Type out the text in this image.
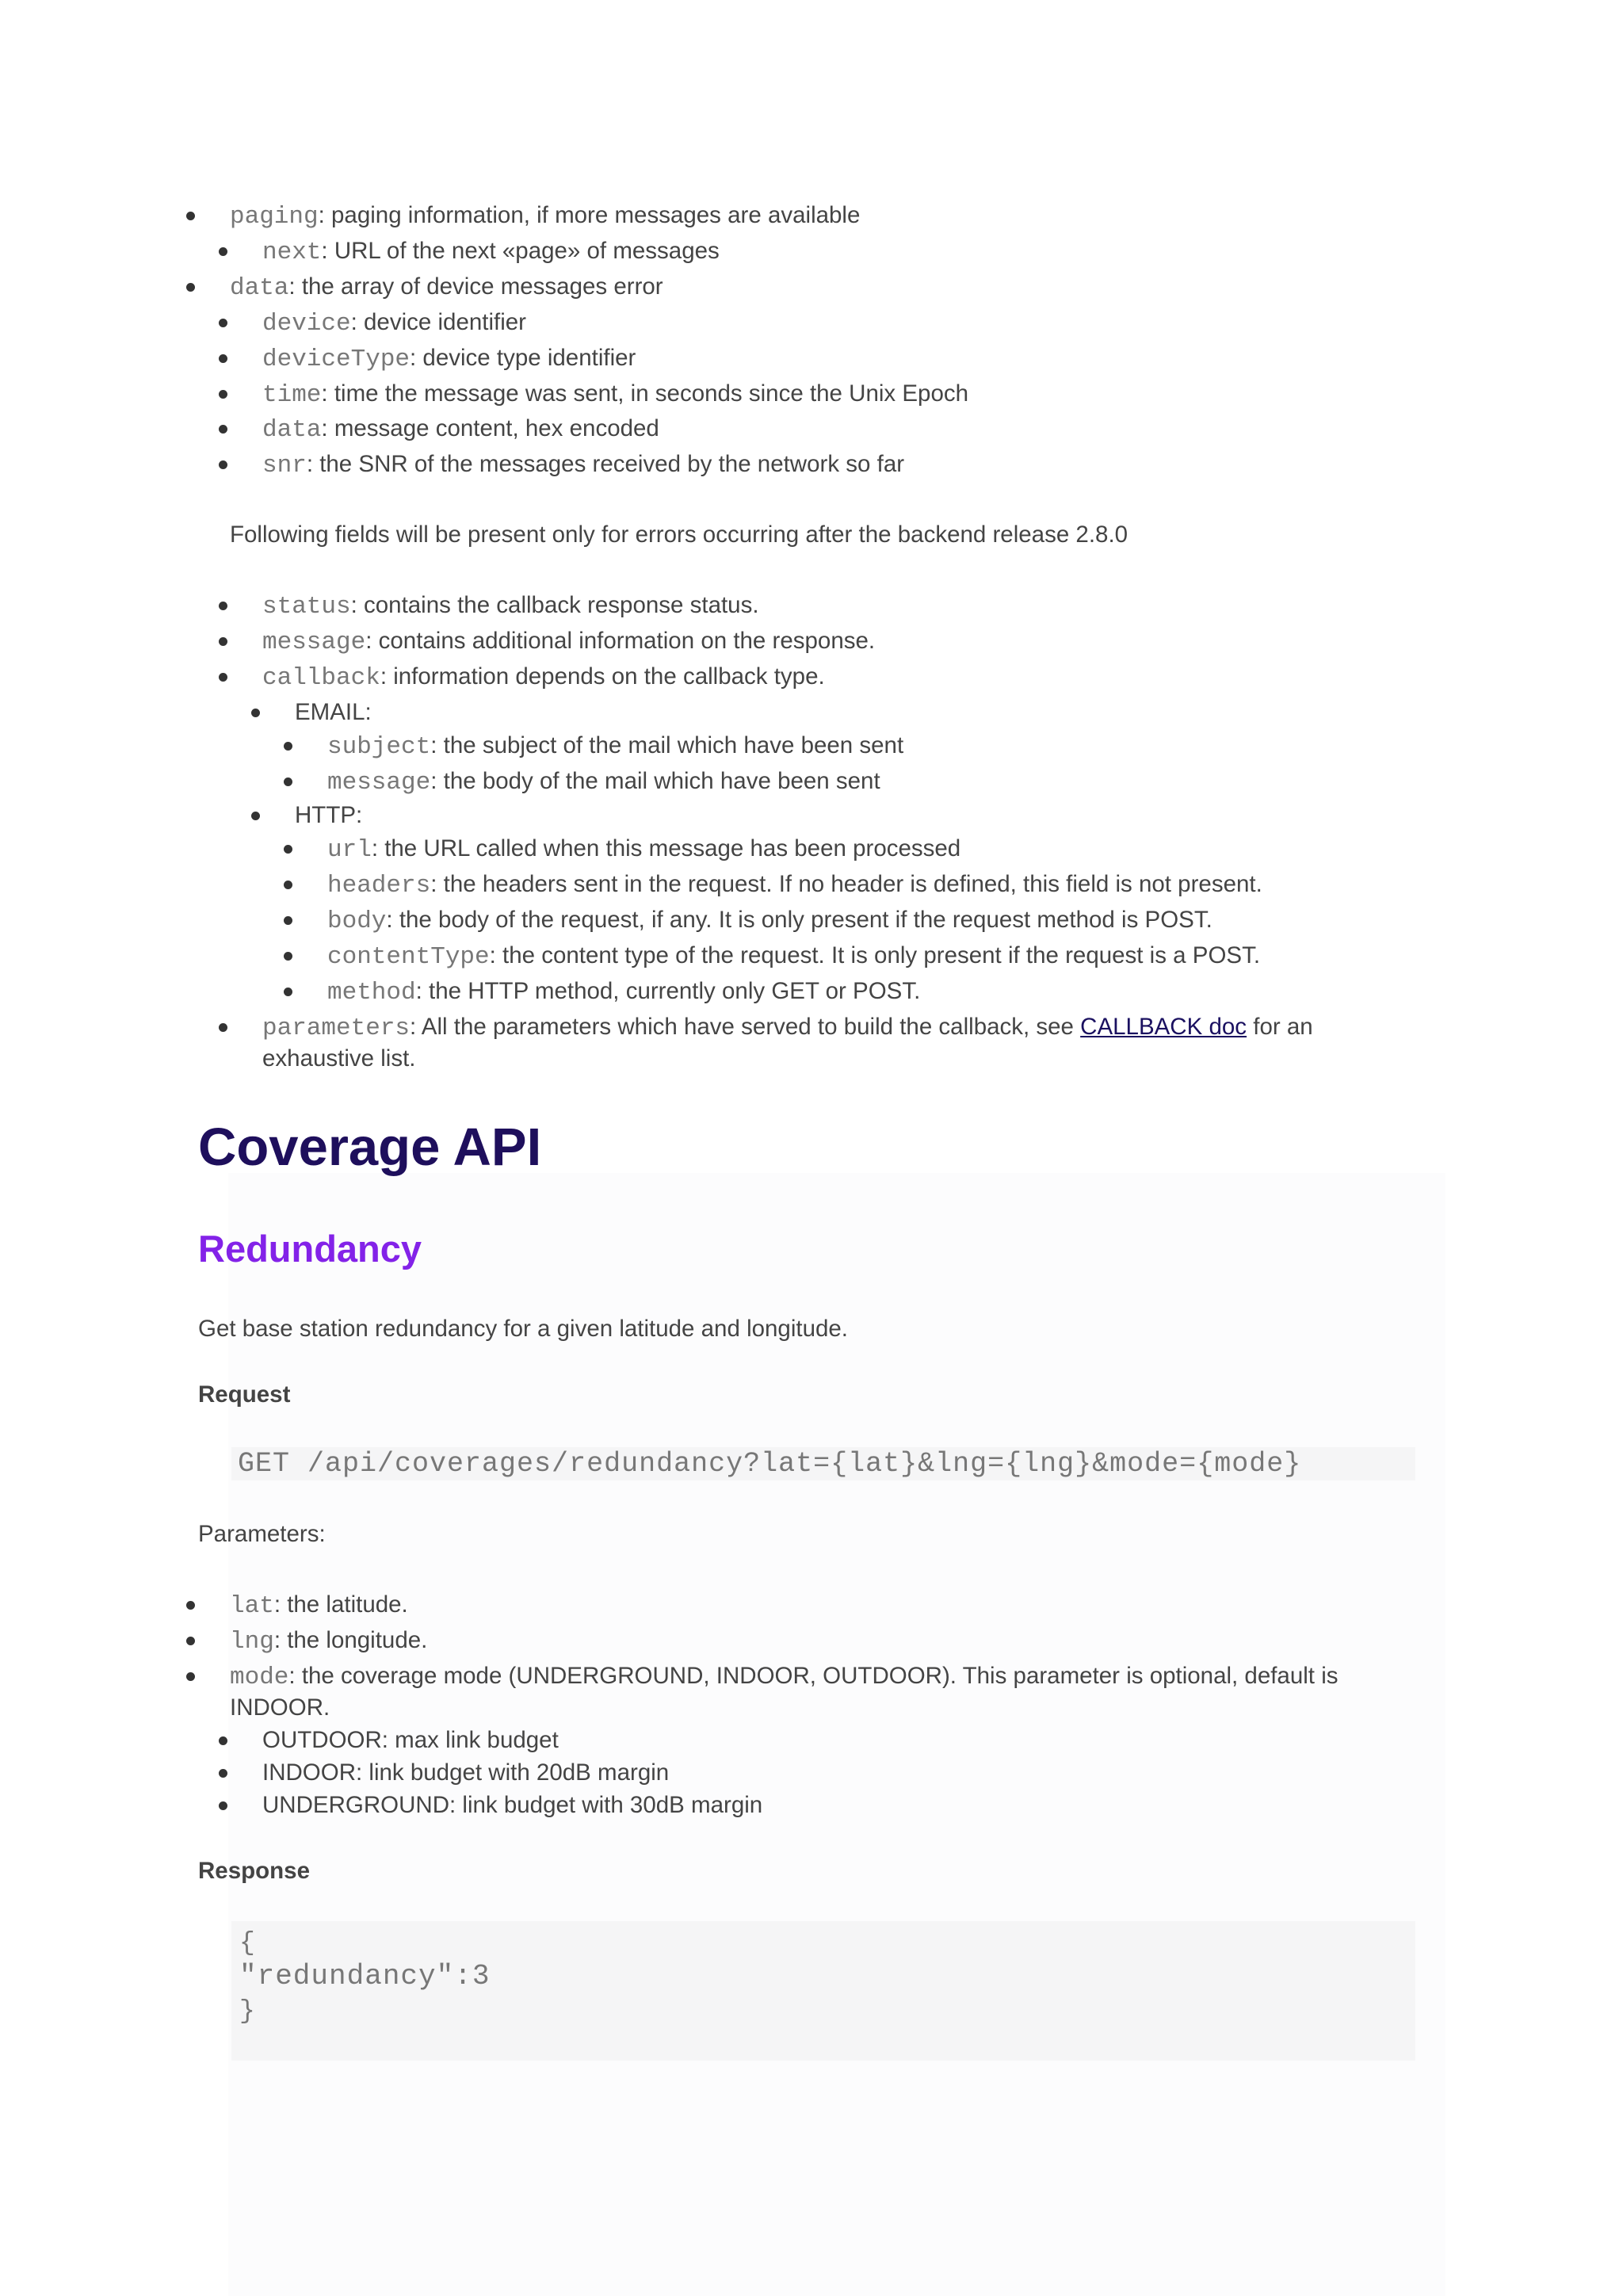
paging: paging information, if more messages are available
next: URL of the next «page» of messages
data: the array of device messages error
device: device identifier
deviceType: device type identifier
time: time the message was sent, in seconds since the Unix Epoch
data: message content, hex encoded
snr: the SNR of the messages received by the network so far
Following fields will be present only for errors occurring after the backend release 2.8.0
status: contains the callback response status.
message: contains additional information on the response.
callback: information depends on the callback type.
EMAIL:
subject: the subject of the mail which have been sent
message: the body of the mail which have been sent
HTTP:
url: the URL called when this message has been processed
headers: the headers sent in the request. If no header is defined, this field is not present.
body: the body of the request, if any. It is only present if the request method is POST.
contentType: the content type of the request. It is only present if the request is a POST.
method: the HTTP method, currently only GET or POST.
parameters: All the parameters which have served to build the callback, see CALLBACK doc for an
exhaustive list.
Coverage API
Redundancy
Get base station redundancy for a given latitude and longitude.
Request
GET /api/coverages/redundancy?lat={lat}&lng={lng}&mode={mode}
Parameters:
lat: the latitude.
lng: the longitude.
mode: the coverage mode (UNDERGROUND, INDOOR, OUTDOOR). This parameter is optional, default is
INDOOR.
OUTDOOR: max link budget
INDOOR: link budget with 20dB margin
UNDERGROUND: link budget with 30dB margin
Response
{
"redundancy":3
}
